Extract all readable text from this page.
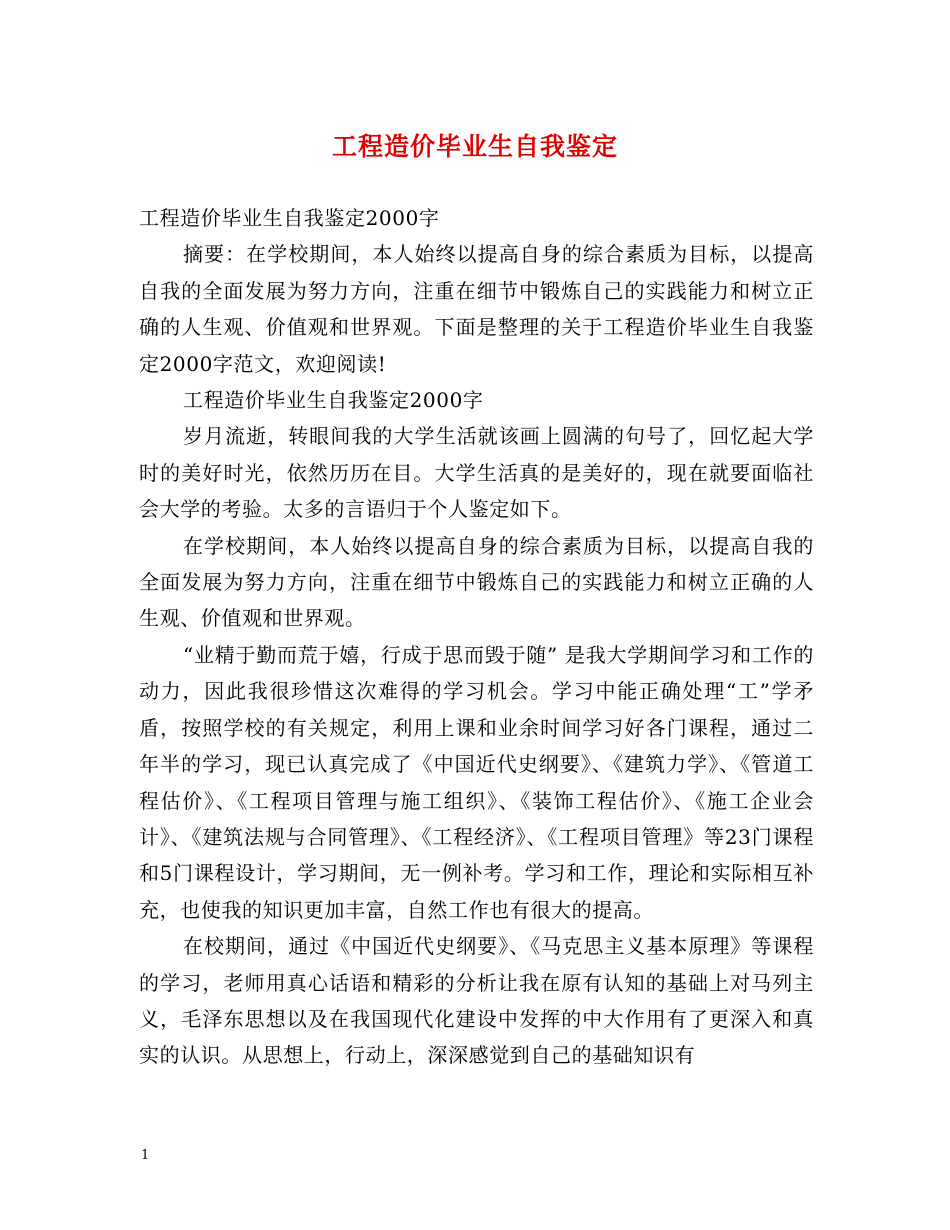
工程造价毕业生自我鉴定

工程造价毕业生自我鉴定2000字

摘要：在学校期间，本人始终以提高自身的综合素质为目标，以提高自我的全面发展为努力方向，注重在细节中锻炼自己的实践能力和树立正确的人生观、价值观和世界观。下面是整理的关于工程造价毕业生自我鉴定2000字范文，欢迎阅读!

工程造价毕业生自我鉴定2000字

岁月流逝，转眼间我的大学生活就该画上圆满的句号了，回忆起大学时的美好时光，依然历历在目。大学生活真的是美好的，现在就要面临社会大学的考验。太多的言语归于个人鉴定如下。

在学校期间，本人始终以提高自身的综合素质为目标，以提高自我的全面发展为努力方向，注重在细节中锻炼自己的实践能力和树立正确的人生观、价值观和世界观。

“业精于勤而荒于嬉，行成于思而毁于随” 是我大学期间学习和工作的动力，因此我很珍惜这次难得的学习机会。学习中能正确处理“工”学矛盾，按照学校的有关规定，利用上课和业余时间学习好各门课程，通过二年半的学习，现已认真完成了《中国近代史纲要》、《建筑力学》、《管道工程估价》、《工程项目管理与施工组织》、《装饰工程估价》、《施工企业会计》、《建筑法规与合同管理》、《工程经济》、《工程项目管理》等23门课程和5门课程设计，学习期间，无一例补考。学习和工作，理论和实际相互补充，也使我的知识更加丰富，自然工作也有很大的提高。

在校期间，通过《中国近代史纲要》、《马克思主义基本原理》等课程的学习，老师用真心话语和精彩的分析让我在原有认知的基础上对马列主义，毛泽东思想以及在我国现代化建设中发挥的中大作用有了更深入和真实的认识。从思想上，行动上，深深感觉到自己的基础知识有

1
